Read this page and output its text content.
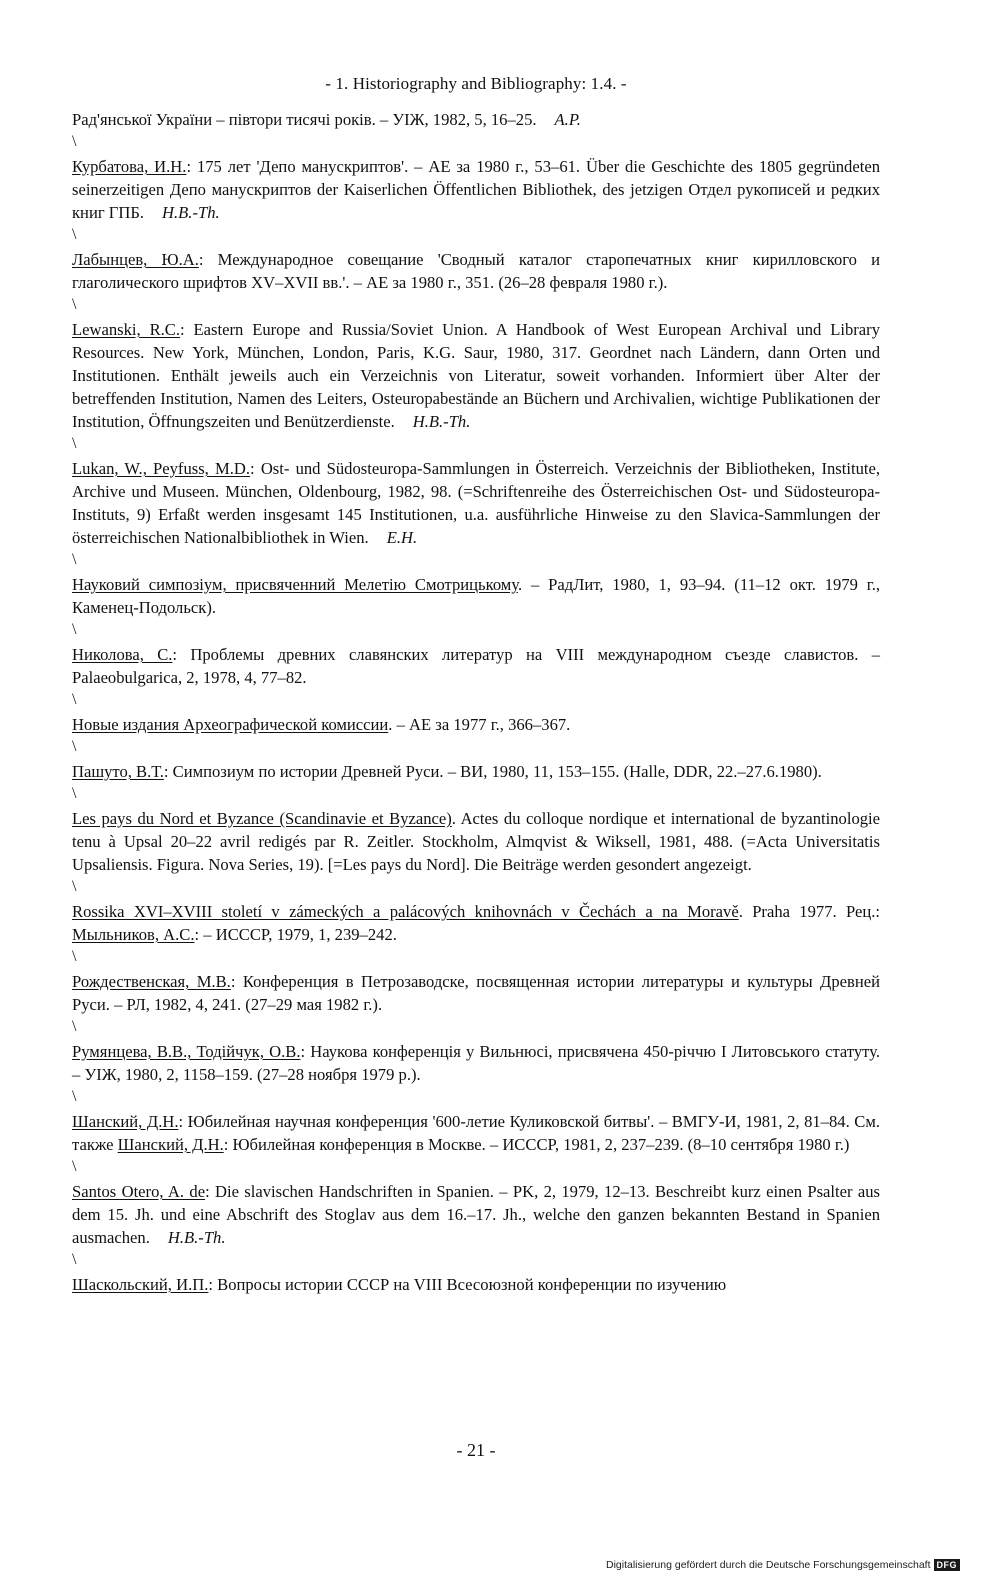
- 1. Historiography and Bibliography: 1.4. -

Рад'янської України – півтори тисячі років. – УІЖ, 1982, 5, 16–25. A.P.

\

Курбатова, И.Н.: 175 лет 'Депо манускриптов'. – АЕ за 1980 г., 53–61. Über die Geschichte des 1805 gegründeten seinerzeitigen Депо манускриптов der Kaiserlichen Öffentlichen Bibliothek, des jetzigen Отдел рукописей и редких книг ГПБ. H.B.-Th.

\

Лабынцев, Ю.А.: Международное совещание 'Сводный каталог старопечатных книг кирилловского и глаголического шрифтов XV–XVII вв.'. – АЕ за 1980 г., 351. (26–28 февраля 1980 г.).

\

Lewanski, R.C.: Eastern Europe and Russia/Soviet Union. A Handbook of West European Archival und Library Resources. New York, München, London, Paris, K.G. Saur, 1980, 317. Geordnet nach Ländern, dann Orten und Institutionen. Enthält jeweils auch ein Verzeichnis von Literatur, soweit vorhanden. Informiert über Alter der betreffenden Institution, Namen des Leiters, Osteuropabestände an Büchern und Archivalien, wichtige Publikationen der Institution, Öffnungszeiten und Benützerdienste. H.B.-Th.

\

Lukan, W., Peyfuss, M.D.: Ost- und Südosteuropa-Sammlungen in Österreich. Verzeichnis der Bibliotheken, Institute, Archive und Museen. München, Oldenbourg, 1982, 98. (=Schriftenreihe des Österreichischen Ost- und Südosteuropa-Instituts, 9) Erfaßt werden insgesamt 145 Institutionen, u.a. ausführliche Hinweise zu den Slavica-Sammlungen der österreichischen Nationalbibliothek in Wien. E.H.

\

Науковий симпозіум, присвяченний Мелетію Смотрицькому. – РадЛит, 1980, 1, 93–94. (11–12 окт. 1979 г., Каменец-Подольск).

\

Николова, С.: Проблемы древних славянских литератур на VIII международном съезде славистов. – Palaeobulgarica, 2, 1978, 4, 77–82.

\

Новые издания Археографической комиссии. – АЕ за 1977 г., 366–367.

\

Пашуто, В.Т.: Симпозиум по истории Древней Руси. – ВИ, 1980, 11, 153–155. (Halle, DDR, 22.–27.6.1980).

\

Les pays du Nord et Byzance (Scandinavie et Byzance). Actes du colloque nordique et international de byzantinologie tenu à Upsal 20–22 avril redigés par R. Zeitler. Stockholm, Almqvist & Wiksell, 1981, 488. (=Acta Universitatis Upsaliensis. Figura. Nova Series, 19). [=Les pays du Nord]. Die Beiträge werden gesondert angezeigt.

\

Rossika XVI–XVIII století v zámeckých a palácových knihovnách v Čechách a na Moravě. Praha 1977. Рец.: Мыльников, А.С.: – ИССCP, 1979, 1, 239–242.

\

Рождественская, М.В.: Конференция в Петрозаводске, посвященная истории литературы и культуры Древней Руси. – РЛ, 1982, 4, 241. (27–29 мая 1982 г.).

\

Румянцева, В.В., Тодійчук, О.В.: Наукова конференція у Вильнюсі, присвячена 450-річчю I Литовського статуту. – УІЖ, 1980, 2, 1158–159. (27–28 ноября 1979 р.).

\

Шанский, Д.Н.: Юбилейная научная конференция '600-летие Куликовской битвы'. – ВМГУ-И, 1981, 2, 81–84. См. также Шанский, Д.Н.: Юбилейная конференция в Москве. – ИССCP, 1981, 2, 237–239. (8–10 сентября 1980 г.)

\

Santos Otero, A. de: Die slavischen Handschriften in Spanien. – PK, 2, 1979, 12–13. Beschreibt kurz einen Psalter aus dem 15. Jh. und eine Abschrift des Stoglav aus dem 16.–17. Jh., welche den ganzen bekannten Bestand in Spanien ausmachen. H.B.-Th.

\

Шаскольский, И.П.: Вопросы истории СССР на VIII Всесоюзной конференции по изучению

- 21 -
Digitalisierung gefördert durch die Deutsche Forschungsgemeinschaft DFG
